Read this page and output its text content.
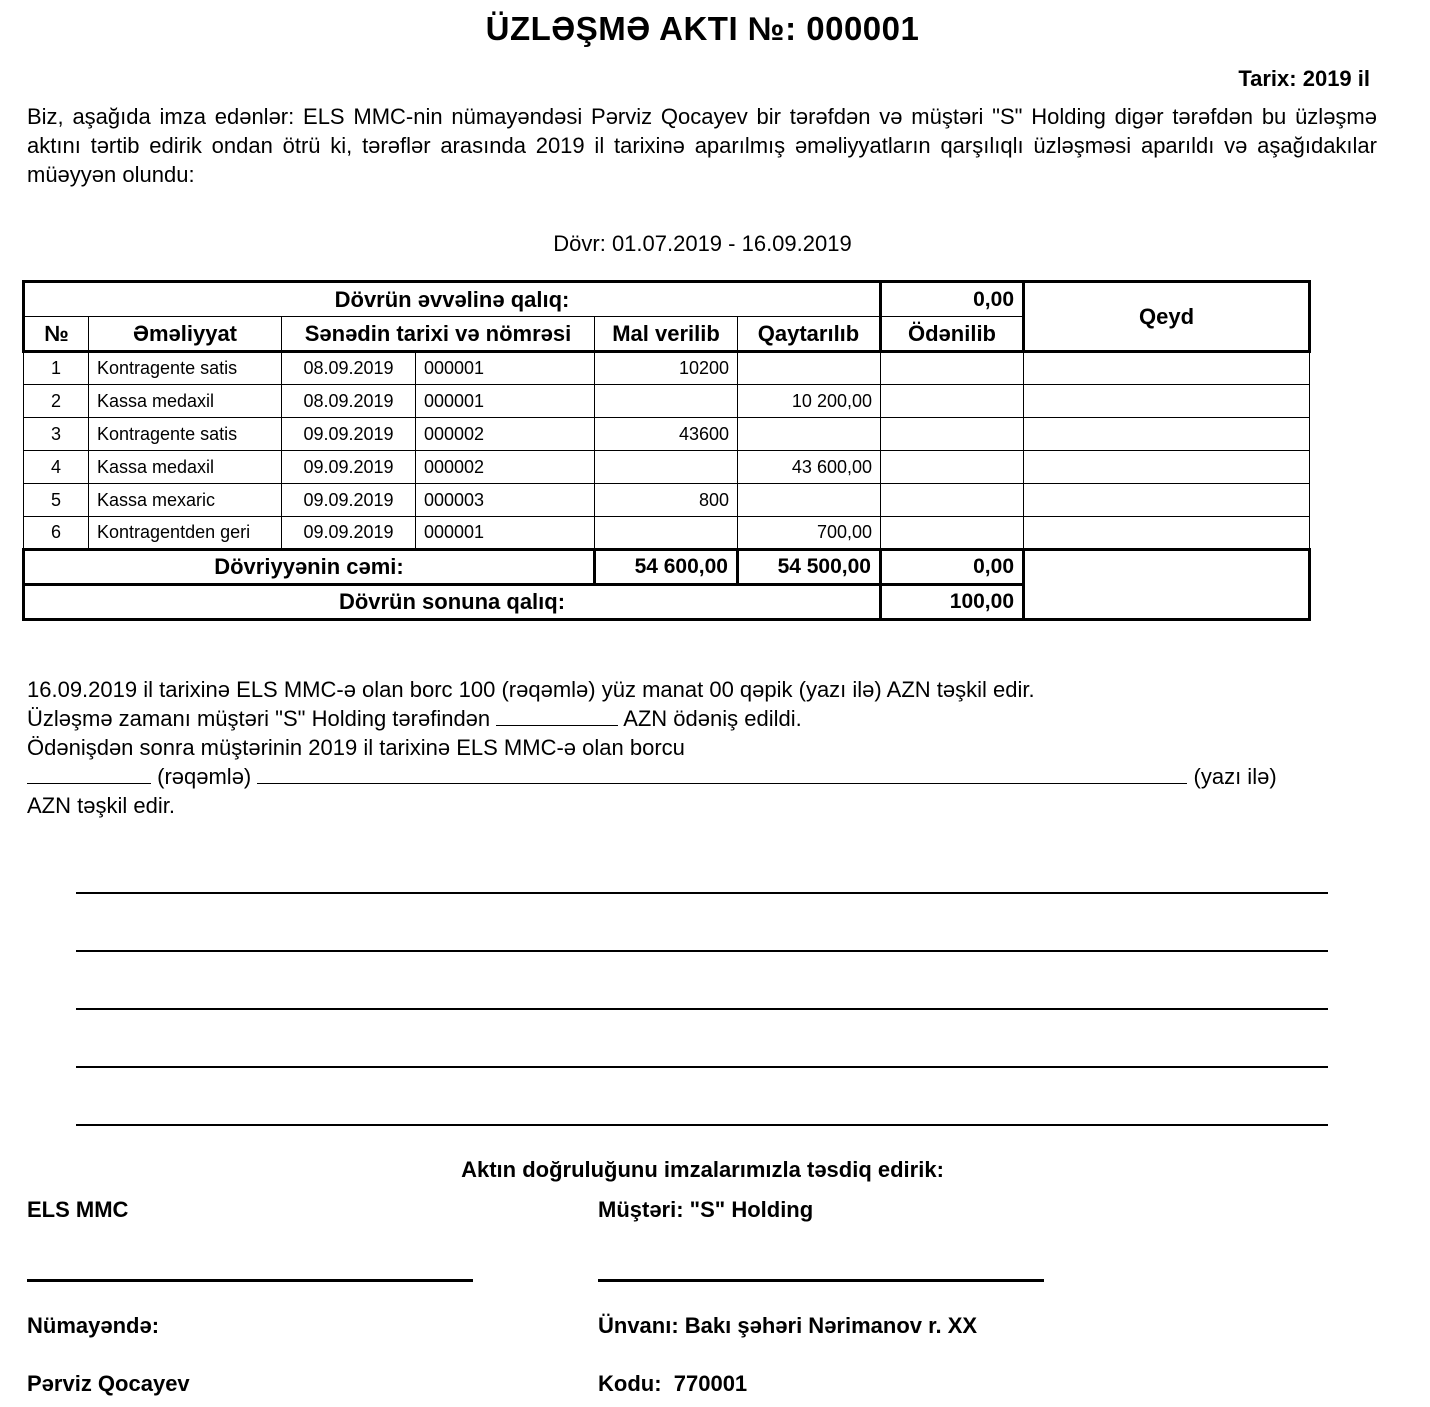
ÜZLƏŞMƏ AKTI №: 000001
Tarix: 2019 il
Biz, aşağıda imza edənlər: ELS MMC-nin nümayəndəsi Pərviz Qocayev bir tərəfdən və müştəri "S" Holding digər tərəfdən bu üzləşmə aktını tərtib edirik ondan ötrü ki, tərəflər arasında 2019 il tarixinə aparılmış əməliyyatların qarşılıqlı üzləşməsi aparıldı və aşağıdakılar müəyyən olundu:
Dövr: 01.07.2019 - 16.09.2019
Dövrün əvvəlinə qalıq:						0,00	Qeyd
№	Əməliyyat	Sənədin tarixi və nömrəsi		Mal verilib	Qaytarılıb	Ödənilib	
1	Kontragente satis	08.09.2019	000001	10200			
2	Kassa medaxil	08.09.2019	000001		10 200,00		
3	Kontragente satis	09.09.2019	000002	43600			
4	Kassa medaxil	09.09.2019	000002		43 600,00		
5	Kassa mexaric	09.09.2019	000003	800			
6	Kontragentden geri	09.09.2019	000001		700,00		
Dövriyyənin cəmi:				54 600,00	54 500,00	0,00	
Dövrün sonuna qalıq:						100,00	
16.09.2019 il tarixinə ELS MMC-ə olan borc 100 (rəqəmlə) yüz manat 00 qəpik (yazı ilə) AZN təşkil edir.
Üzləşmə zamanı müştəri "S" Holding tərəfindən	AZN ödəniş edildi.
Ödənişdən sonra müştərinin 2019 il tarixinə ELS MMC-ə olan borcu
(rəqəmlə)	(yazı ilə)
AZN təşkil edir.
Aktın doğruluğunu imzalarımızla təsdiq edirik:
ELS MMC	Müştəri: "S" Holding
Nümayəndə:	Ünvanı: Bakı şəhəri Nərimanov r. XX
Pərviz Qocayev	Kodu:  770001
